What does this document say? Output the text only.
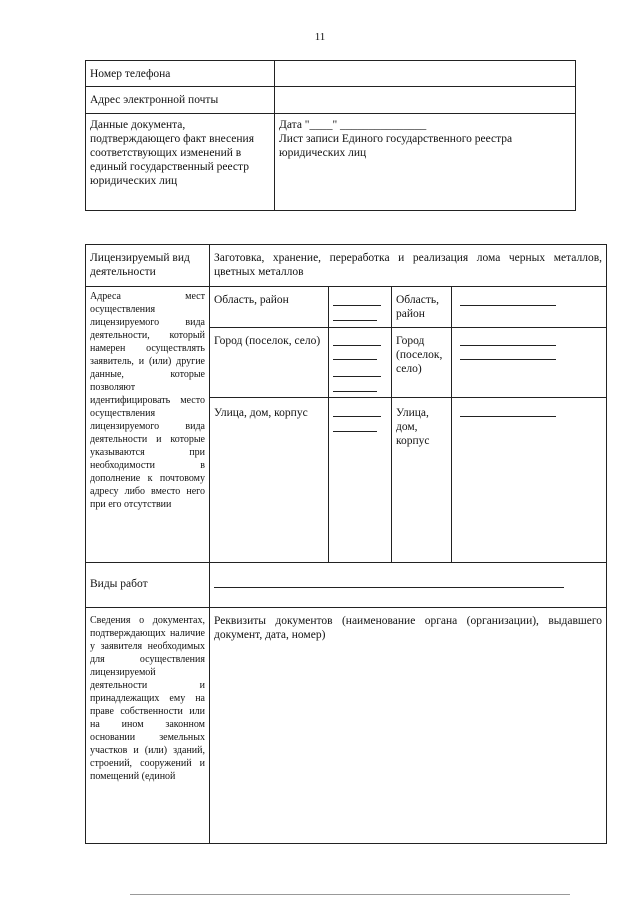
11
Номер телефона	

Адрес электронной почты	

Данные документа, подтверждающего факт внесения соответствующих изменений в единый государственный реестр юридических лиц	Дата "____" _______________
Лист записи Единого государственного реестра юридических лиц
Лицензируемый вид деятельности	Заготовка, хранение, переработка и реализация лома черных металлов, цветных металлов			

Адреса мест осуществления лицензируемого вида деятельности, который намерен осуществлять заявитель, и (или) другие данные, которые позволяют идентифицировать место осуществления лицензируемого вида деятельности и которые указываются при необходимости в дополнение к почтовому адресу либо вместо него при его отсутствии	Область, район		Область, район	

	Город (поселок, село)		Город (поселок, село)	

	Улица, дом, корпус		Улица, дом, корпус	

Виды работ				

Сведения о документах, подтверждающих наличие у заявителя необходимых для осуществления лицензируемой деятельности и принадлежащих ему на праве собственности или на ином законном основании земельных участков и (или) зданий, строений, сооружений и помещений (единой	Реквизиты документов (наименование органа (организации), выдавшего документ, дата, номер)			
